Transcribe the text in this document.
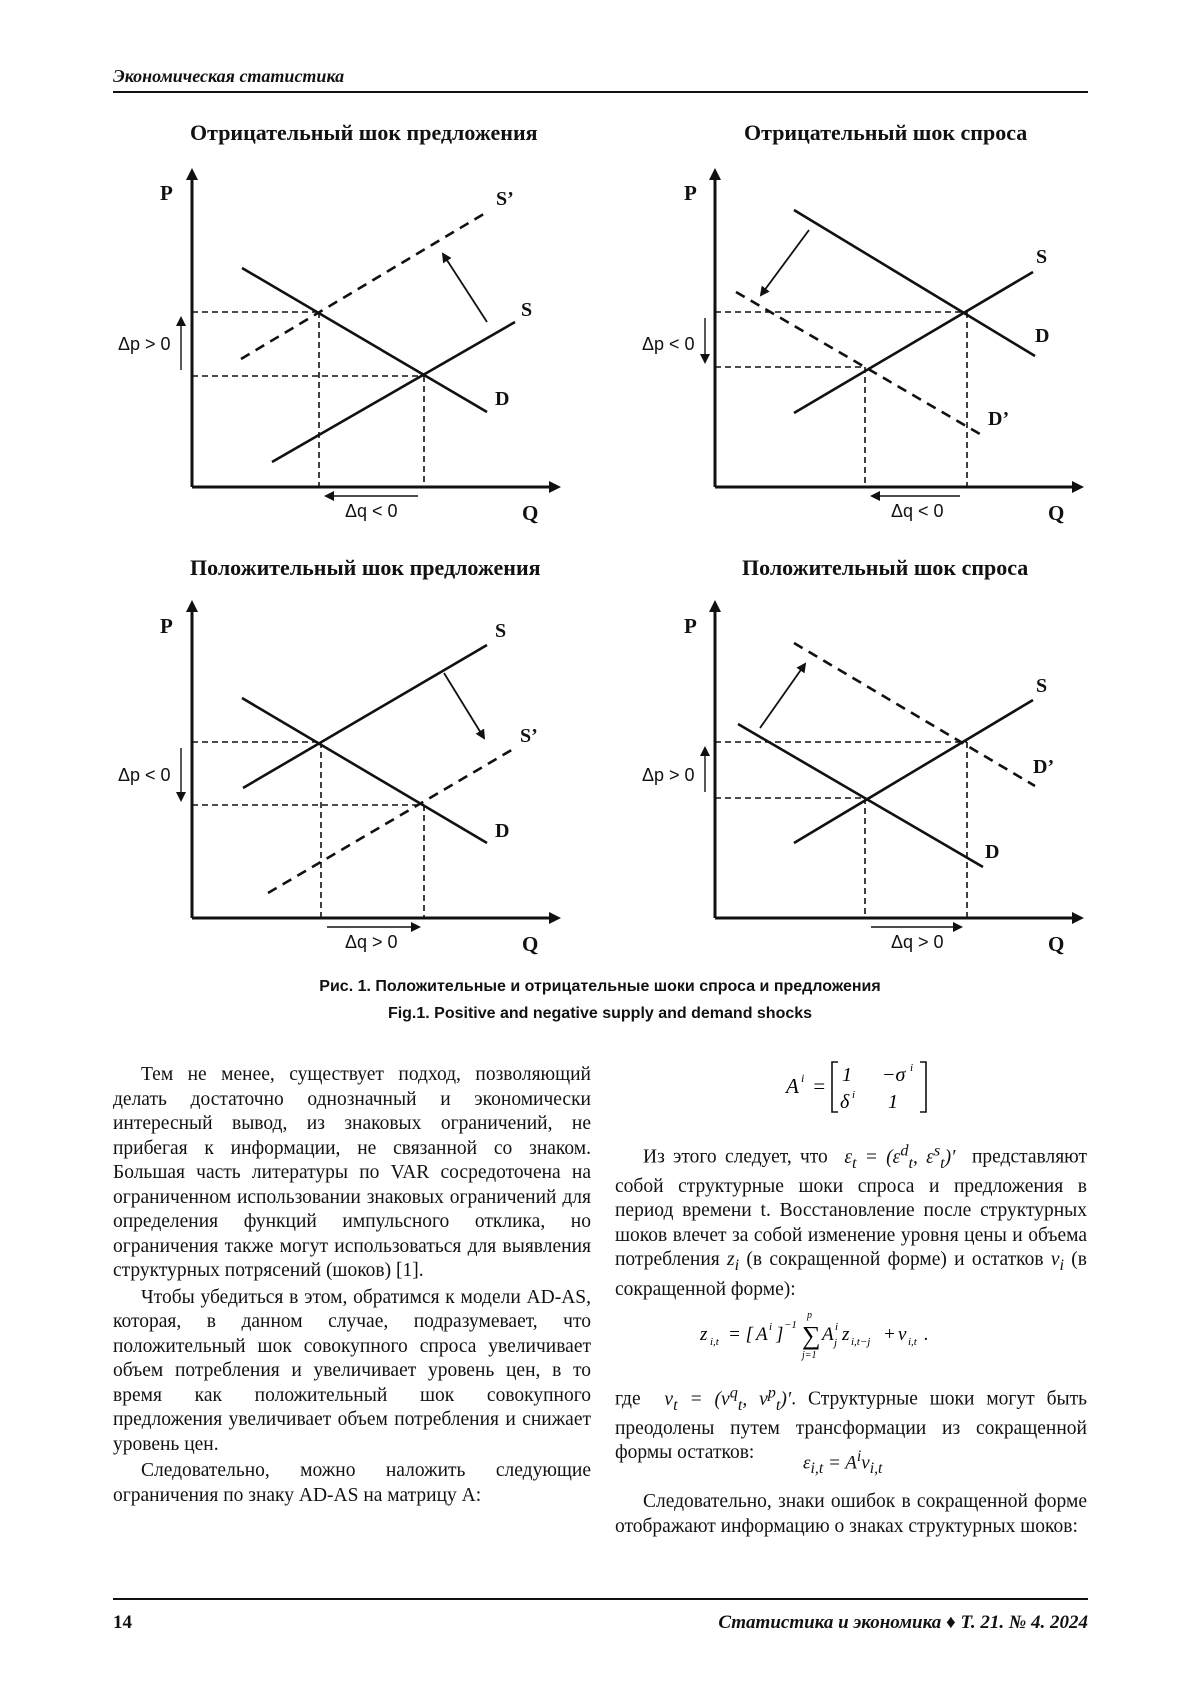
Экономическая статистика
Отрицательный шок предложения
P
Q
S’
S
D
Δp > 0
Δq < 0
Отрицательный шок спроса
P
Q
S
D
D’
Δp < 0
Δq < 0
Положительный шок предложения
P
Q
S
S’
D
Δp < 0
Δq > 0
Положительный шок спроса
P
Q
S
D’
D
Δp > 0
Δq > 0
Рис. 1. Положительные и отрицательные шоки спроса и предложения
Fig.1. Positive and negative supply and demand shocks

Тем не менее, существует подход, позволяющий делать достаточно однозначный и экономически интересный вывод, из знаковых ограничений, не прибегая к информации, не связанной со знаком. Большая часть литературы по VAR сосредоточена на ограниченном использовании знаковых ограничений для определения функций импульсного отклика, но ограничения также могут использоваться для выявления структурных потрясений (шоков) [1].

Чтобы убедиться в этом, обратимся к модели AD-AS, которая, в данном случае, подразумевает, что положительный шок совокупного спроса увеличивает объем потребления и увеличивает уровень цен, в то время как положительный шок совокупного предложения увеличивает объем потребления и снижает уровень цен.

Следовательно, можно наложить следующие ограничения по знаку AD-AS на матрицу A:

A i = 1 −σ i
δ i 1

Из этого следует, что  $\varepsilon_t = (\varepsilon^d_t$, $\varepsilon^s_t)'$  представляют собой структурные шоки спроса и предложения в период времени t. Восстановление после структурных шоков влечет за собой изменение уровня цены и объема потребления $z_i$ (в сокращенной форме) и остатков $v_i$ (в сокращенной форме):

z i,t = [ A i ] −1 ∑
p
j=1
A i
j z i,t−j + v i,t .

где  $v_t = (v^q_t$, $v^p_t)'$. Структурные шоки могут быть преодолены путем трансформации из сокращенной формы остатков:	$\varepsilon_{i,t} = A^iv_{i,t}$

Следовательно, знаки ошибок в сокращенной форме отображают информацию о знаках структурных шоков:

14	Статистика и экономика ♦ Т. 21. № 4. 2024
